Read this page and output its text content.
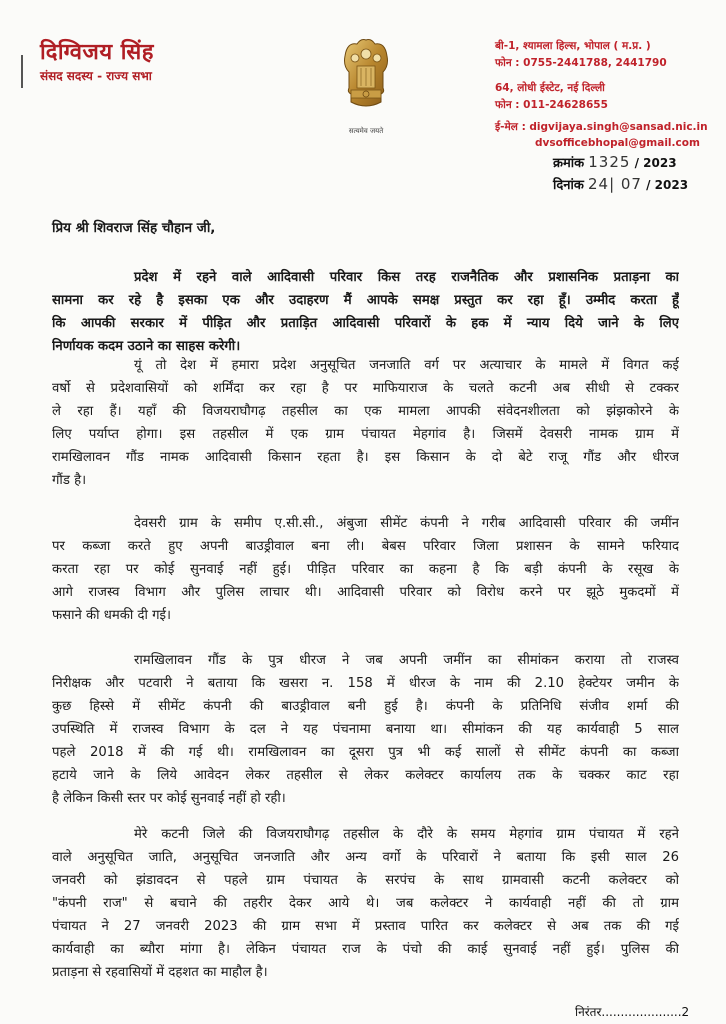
दिग्विजय सिंह
संसद सदस्य - राज्य सभा
सत्यमेव जयते
बी-1, श्यामला हिल्स, भोपाल ( म.प्र. )
फोन : 0755-2441788, 2441790
64, लोधी ईस्टेट, नई दिल्ली
फोन : 011-24628655
ई-मेल : digvijaya.singh@sansad.nic.in
dvsofficebhopal@gmail.com
क्रमांक 1325 / 2023
दिनांक 24| 07 / 2023
प्रिय श्री शिवराज सिंह चौहान जी,
प्रदेश में रहने वाले आदिवासी परिवार किस तरह राजनैतिक और प्रशासनिक प्रताड़ना का
सामना कर रहे है इसका एक और उदाहरण मैं आपके समक्ष प्रस्तुत कर रहा हूँ। उम्मीद करता हूँ
कि आपकी सरकार में पीड़ित और प्रताड़ित आदिवासी परिवारों के हक में न्याय दिये जाने के लिए
निर्णायक कदम उठाने का साहस करेगी।
यूं तो देश में हमारा प्रदेश अनुसूचित जनजाति वर्ग पर अत्याचार के मामले में विगत कई
वर्षो से प्रदेशवासियों को शर्मिंदा कर रहा है पर माफियाराज के चलते कटनी अब सीधी से टक्कर
ले रहा हैं। यहाँ की विजयराघौगढ़ तहसील का एक मामला आपकी संवेदनशीलता को झंझकोरने के
लिए पर्याप्त होगा। इस तहसील में एक ग्राम पंचायत मेहगांव है। जिसमें देवसरी नामक ग्राम में
रामखिलावन गौंड नामक आदिवासी किसान रहता है। इस किसान के दो बेटे राजू गौंड और धीरज
गौंड है।
देवसरी ग्राम के समीप ए.सी.सी., अंबुजा सीमेंट कंपनी ने गरीब आदिवासी परिवार की जमींन
पर कब्जा करते हुए अपनी बाउड्रीवाल बना ली। बेबस परिवार जिला प्रशासन के सामने फरियाद
करता रहा पर कोई सुनवाई नहीं हुई। पीड़ित परिवार का कहना है कि बड़ी कंपनी के रसूख के
आगे राजस्व विभाग और पुलिस लाचार थी। आदिवासी परिवार को विरोध करने पर झूठे मुकदमों में
फसाने की धमकी दी गई।
रामखिलावन गौंड के पुत्र धीरज ने जब अपनी जमींन का सीमांकन कराया तो राजस्व
निरीक्षक और पटवारी ने बताया कि खसरा न. 158 में धीरज के नाम की 2.10 हेक्टेयर जमीन के
कुछ हिस्से में सीमेंट कंपनी की बाउड्रीवाल बनी हुई है। कंपनी के प्रतिनिधि संजीव शर्मा की
उपस्थिति में राजस्व विभाग के दल ने यह पंचनामा बनाया था। सीमांकन की यह कार्यवाही 5 साल
पहले 2018 में की गई थी। रामखिलावन का दूसरा पुत्र भी कई सालों से सीमेंट कंपनी का कब्जा
हटाये जाने के लिये आवेदन लेकर तहसील से लेकर कलेक्टर कार्यालय तक के चक्कर काट रहा
है लेकिन किसी स्तर पर कोई सुनवाई नहीं हो रही।
मेरे कटनी जिले की विजयराघौगढ़ तहसील के दौरे के समय मेहगांव ग्राम पंचायत में रहने
वाले अनुसूचित जाति, अनुसूचित जनजाति और अन्य वर्गो के परिवारों ने बताया कि इसी साल 26
जनवरी को झंडावदन से पहले ग्राम पंचायत के सरपंच के साथ ग्रामवासी कटनी कलेक्टर को
"कंपनी राज" से बचाने की तहरीर देकर आये थे। जब कलेक्टर ने कार्यवाही नहीं की तो ग्राम
पंचायत ने 27 जनवरी 2023 की ग्राम सभा में प्रस्ताव पारित कर कलेक्टर से अब तक की गई
कार्यवाही का ब्यौरा मांगा है। लेकिन पंचायत राज के पंचो की काई सुनवाई नहीं हुई। पुलिस की
प्रताड़ना से रहवासियों में दहशत का माहौल है।
निरंतर.....................2
